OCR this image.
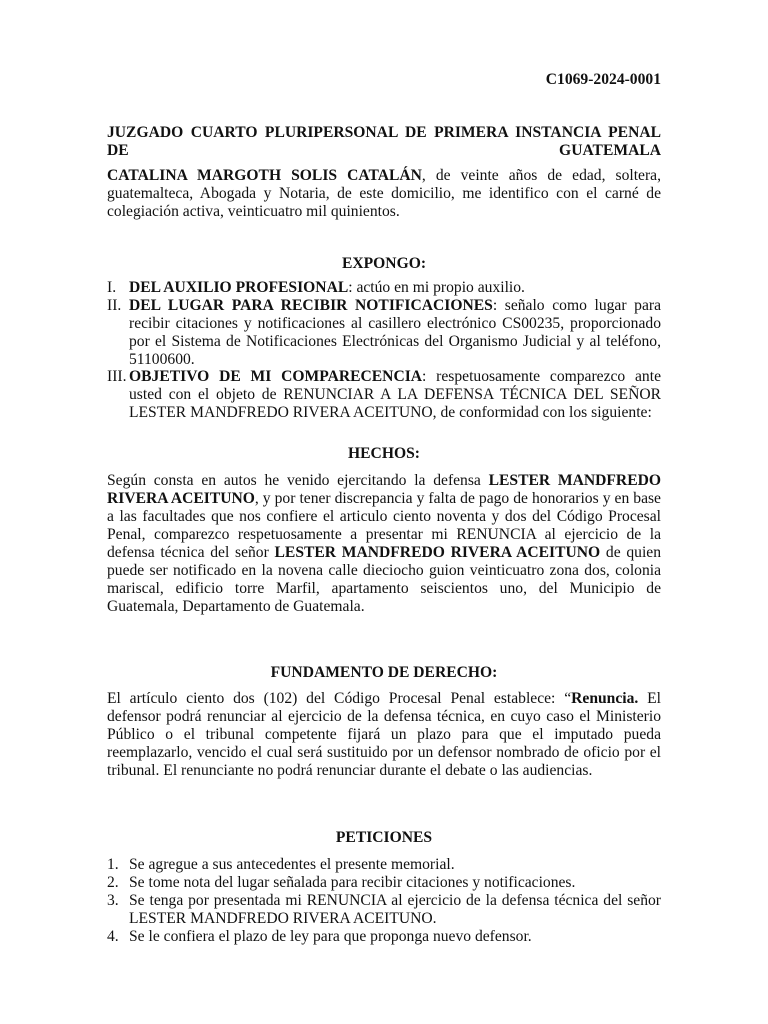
C1069-2024-0001
JUZGADO CUARTO PLURIPERSONAL DE PRIMERA INSTANCIA PENAL DE GUATEMALA
CATALINA MARGOTH SOLIS CATALÁN, de veinte años de edad, soltera, guatemalteca, Abogada y Notaria, de este domicilio, me identifico con el carné de colegiación activa, veinticuatro mil quinientos.
EXPONGO:
I. DEL AUXILIO PROFESIONAL: actúo en mi propio auxilio.
II. DEL LUGAR PARA RECIBIR NOTIFICACIONES: señalo como lugar para recibir citaciones y notificaciones al casillero electrónico CS00235, proporcionado por el Sistema de Notificaciones Electrónicas del Organismo Judicial y al teléfono, 51100600.
III. OBJETIVO DE MI COMPARECENCIA: respetuosamente comparezco ante usted con el objeto de RENUNCIAR A LA DEFENSA TÉCNICA DEL SEÑOR LESTER MANDFREDO RIVERA ACEITUNO, de conformidad con los siguiente:
HECHOS:
Según consta en autos he venido ejercitando la defensa LESTER MANDFREDO RIVERA ACEITUNO, y por tener discrepancia y falta de pago de honorarios y en base a las facultades que nos confiere el articulo ciento noventa y dos del Código Procesal Penal, comparezco respetuosamente a presentar mi RENUNCIA al ejercicio de la defensa técnica del señor LESTER MANDFREDO RIVERA ACEITUNO de quien puede ser notificado en la novena calle dieciocho guion veinticuatro zona dos, colonia mariscal, edificio torre Marfil, apartamento seiscientos uno, del Municipio de Guatemala, Departamento de Guatemala.
FUNDAMENTO DE DERECHO:
El artículo ciento dos (102) del Código Procesal Penal establece: “Renuncia. El defensor podrá renunciar al ejercicio de la defensa técnica, en cuyo caso el Ministerio Público o el tribunal competente fijará un plazo para que el imputado pueda reemplazarlo, vencido el cual será sustituido por un defensor nombrado de oficio por el tribunal. El renunciante no podrá renunciar durante el debate o las audiencias.
PETICIONES
1. Se agregue a sus antecedentes el presente memorial.
2. Se tome nota del lugar señalada para recibir citaciones y notificaciones.
3. Se tenga por presentada mi RENUNCIA al ejercicio de la defensa técnica del señor LESTER MANDFREDO RIVERA ACEITUNO.
4. Se le confiera el plazo de ley para que proponga nuevo defensor.
